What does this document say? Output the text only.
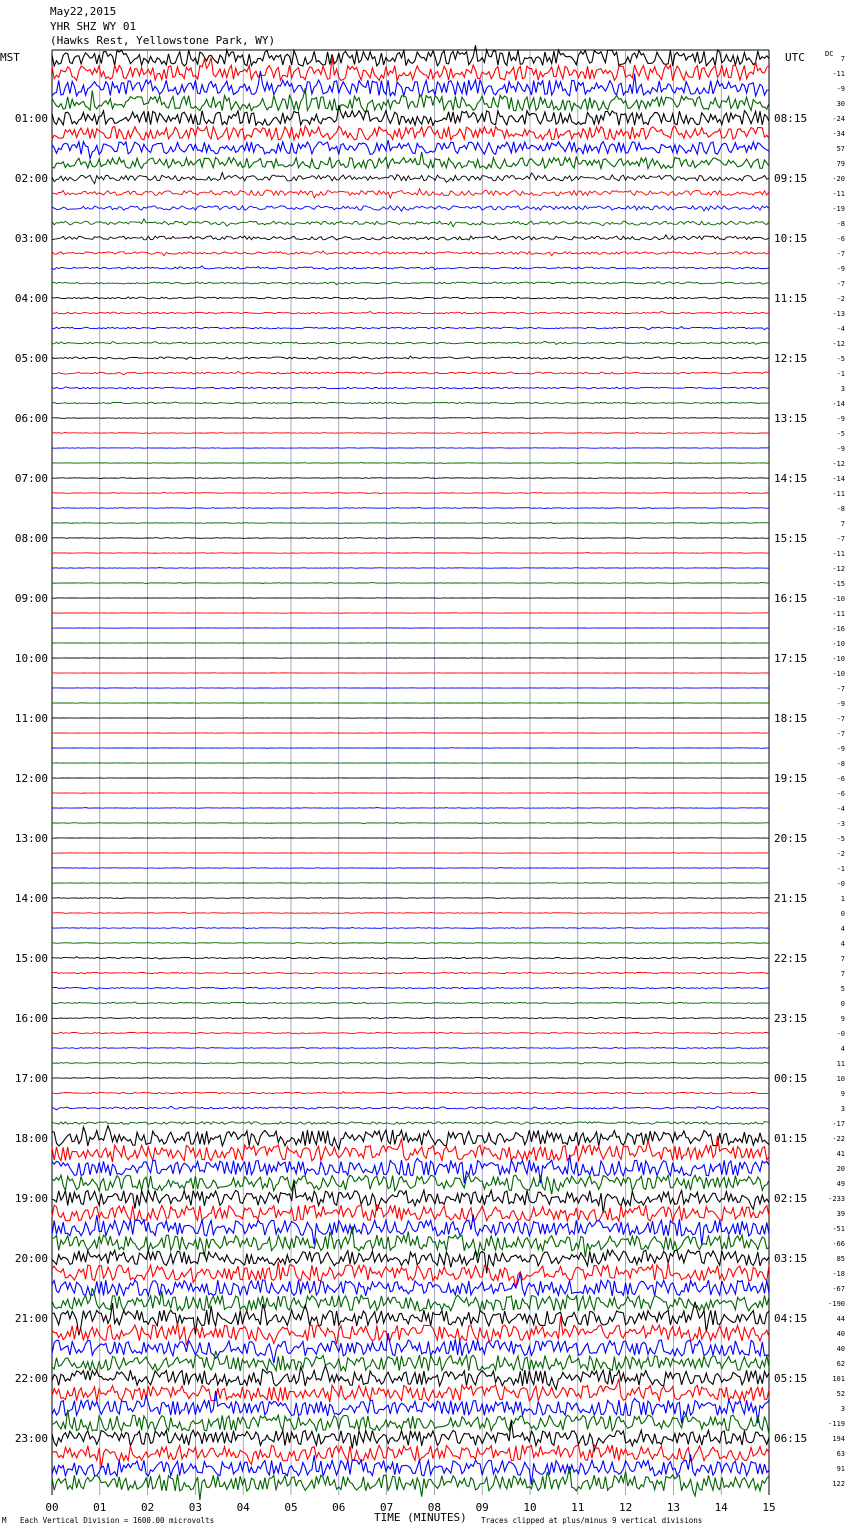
May22,2015
YHR SHZ WY 01
(Hawks Rest, Yellowstone Park, WY)
MST	UTC	DC
00	01	02	03	04	05	06	07	08	09	10	11	12	13	14	15
7
-11
-9
30
-24
-34
57
79
-20
-11
-19
-8
-6
-7
-9
-7
-2
-13
-4
-12
-5
-1
3
-14
-9
-5
-9
-12
-14
-11
-8
7
-7
-11
-12
-15
-10
-11
-16
-10
-10
-10
-7
-9
-7
-7
-9
-8
-6
-6
-4
-3
-5
-2
-1
-0
1
0
4
4
7
7
5
0
9
-0
4
11
10
9
3
-17
-22
41
20
49
-233
39
-51
-66
85
-18
-67
-190
44
40
40
62
101
52
3
-119
194
63
91
122
01:00
02:00
03:00
04:00
05:00
06:00
07:00
08:00
09:00
10:00
11:00
12:00
13:00
14:00
15:00
16:00
17:00
18:00
19:00
20:00
21:00
22:00
23:00
08:15
09:15
10:15
11:15
12:15
13:15
14:15
15:15
16:15
17:15
18:15
19:15
20:15
21:15
22:15
23:15
00:15
01:15
02:15
03:15
04:15
05:15
06:15
TIME (MINUTES)
M Each Vertical Division = 1600.00 microvolts	Traces clipped at plus/minus 9 vertical divisions
